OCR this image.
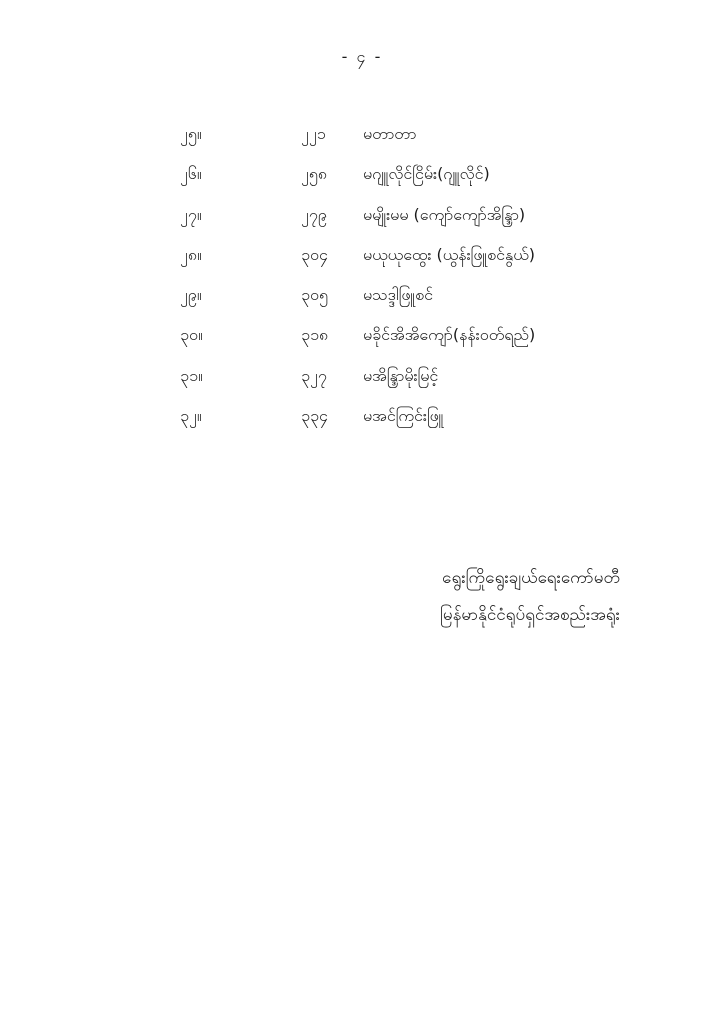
- ၄ -
၂၅။	၂၂၁ မတာတာ
၂၆။	၂၅၈ မဂျူလိုင်ငြိမ်း(ဂျူလိုင်)
၂၇။	၂၇၉ မမျိုးမမ (ကျော်ကျော်အိန္ဒြာ)
၂၈။	၃၀၄ မယုယုထွေး (ယွန်းဖြူစင်နွယ်)
၂၉။	၃၀၅ မသဒ္ဒါဖြူစင်
၃၀။	၃၁၈ မခိုင်အိအိကျော်(နန်း၀တ်ရည်)
၃၁။	၃၂၇ မအိန္ဒြာမိုးမြင့်
၃၂။	၃၃၄ မအင်ကြင်းဖြူ
ရွေးကြိုရွေးချယ်ရေးကော်မတီ
မြန်မာနိုင်ငံရုပ်ရှင်အစည်းအရုံး
